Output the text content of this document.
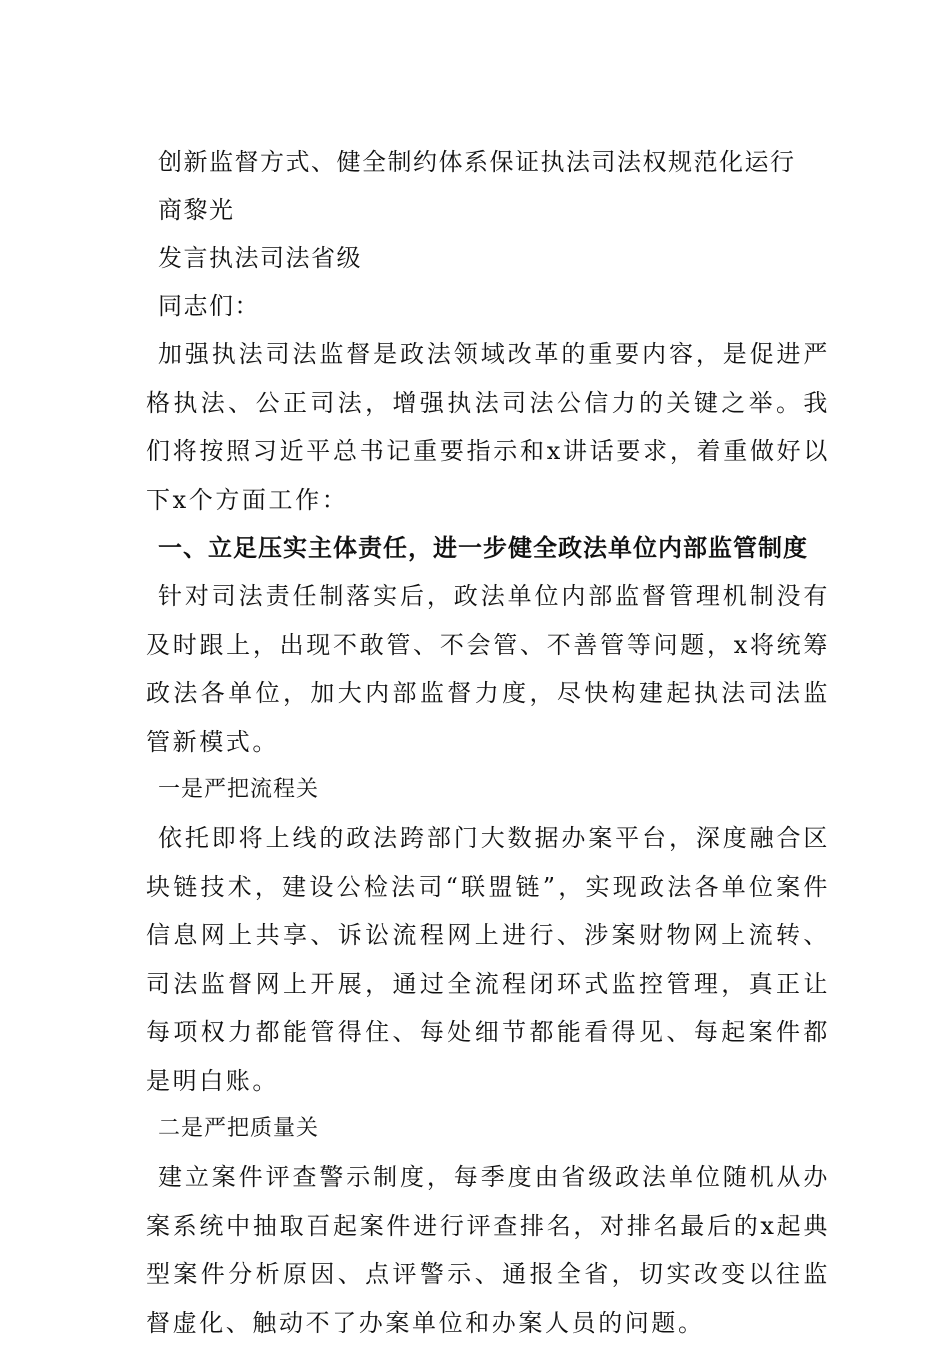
创新监督方式、健全制约体系保证执法司法权规范化运行

商黎光

发言执法司法省级

同志们：

加强执法司法监督是政法领域改革的重要内容，是促进严格执法、公正司法，增强执法司法公信力的关键之举。我们将按照习近平总书记重要指示和x讲话要求，着重做好以下x个方面工作：

一、立足压实主体责任，进一步健全政法单位内部监管制度

针对司法责任制落实后，政法单位内部监督管理机制没有及时跟上，出现不敢管、不会管、不善管等问题，x将统筹政法各单位，加大内部监督力度，尽快构建起执法司法监管新模式。

一是严把流程关

依托即将上线的政法跨部门大数据办案平台，深度融合区块链技术，建设公检法司“联盟链”，实现政法各单位案件信息网上共享、诉讼流程网上进行、涉案财物网上流转、司法监督网上开展，通过全流程闭环式监控管理，真正让每项权力都能管得住、每处细节都能看得见、每起案件都是明白账。

二是严把质量关

建立案件评查警示制度，每季度由省级政法单位随机从办案系统中抽取百起案件进行评查排名，对排名最后的x起典型案件分析原因、点评警示、通报全省，切实改变以往监督虚化、触动不了办案单位和办案人员的问题。
